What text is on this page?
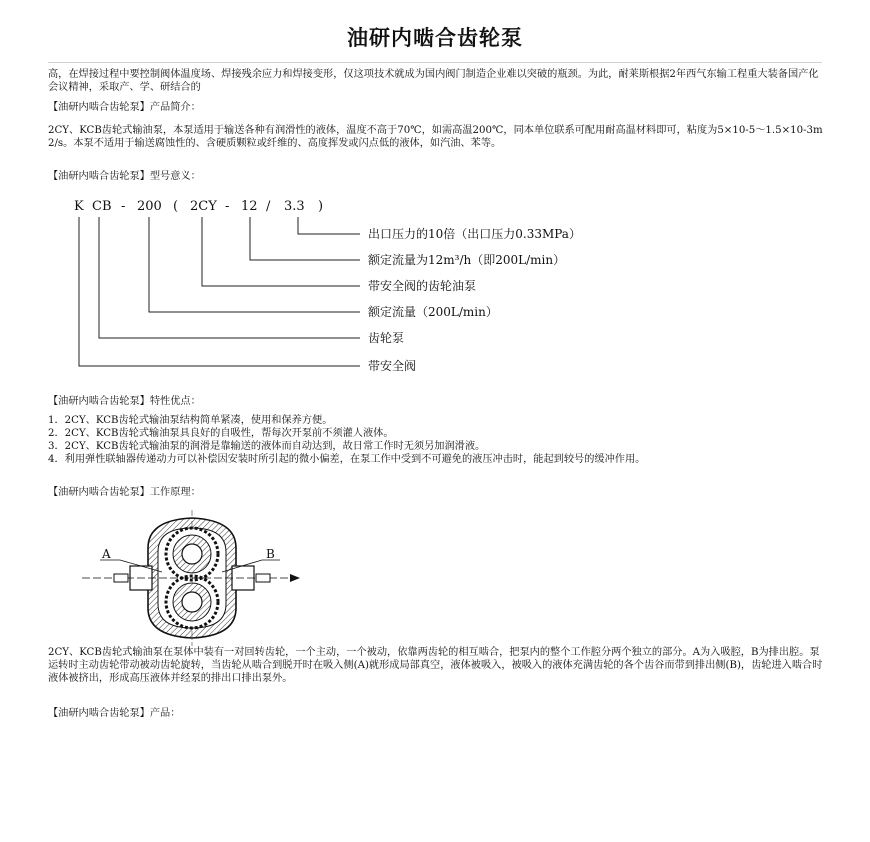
油研内啮合齿轮泵

高，在焊接过程中要控制阀体温度场、焊接残余应力和焊接变形，仅这项技术就成为国内阀门制造企业难以突破的瓶颈。为此，耐莱斯根据2年西气东输工程重大装备国产化会议精神，采取产、学、研结合的

【油研内啮合齿轮泵】产品简介：

2CY、KCB齿轮式输油泵，本泵适用于输送各种有润滑性的液体，温度不高于70℃，如需高温200℃，同本单位联系可配用耐高温材料即可，粘度为5×10-5～1.5×10-3m2/s。本泵不适用于输送腐蚀性的、含硬质颗粒或纤维的、高度挥发或闪点低的液体，如汽油、苯等。

【油研内啮合齿轮泵】型号意义：
K CB - 200 ( 2CY - 12 / 3.3 )
出口压力的10倍（出口压力0.33MPa）
额定流量为12m³/h（即200L/min）
带安全阀的齿轮油泵
额定流量（200L/min）
齿轮泵
带安全阀
【油研内啮合齿轮泵】特性优点：
1．2CY、KCB齿轮式输油泵结构简单紧凑，使用和保养方便。
2．2CY、KCB齿轮式输油泵具良好的自吸性，帮每次开泵前不须灌人液体。
3．2CY、KCB齿轮式输油泵的润滑是靠输送的液体而自动达到，故日常工作时无须另加润滑液。
4．利用弹性联轴器传递动力可以补偿因安装时所引起的微小偏差，在泵工作中受到不可避免的液压冲击时，能起到较号的缓冲作用。
【油研内啮合齿轮泵】工作原理：
A	B

2CY、KCB齿轮式输油泵在泵体中装有一对回转齿轮，一个主动，一个被动，依靠两齿轮的相互啮合，把泵内的整个工作腔分两个独立的部分。A为入吸腔，B为排出腔。泵运转时主动齿轮带动被动齿轮旋转，当齿轮从啮合到脱开时在吸入侧(A)就形成局部真空，液体被吸入，被吸入的液体充满齿轮的各个齿谷而带到排出侧(B)，齿轮进入啮合时液体被挤出，形成高压液体并经泵的排出口排出泵外。

【油研内啮合齿轮泵】产品：
